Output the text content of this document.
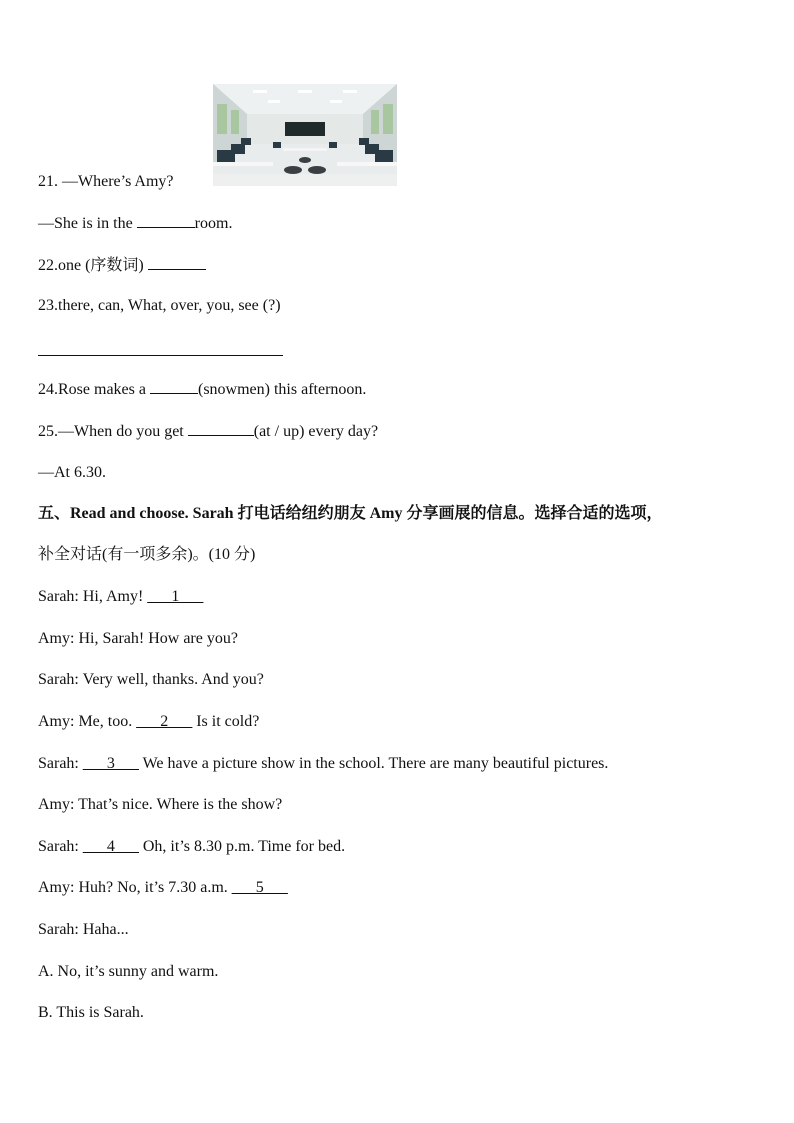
21. —Where’s Amy?
—She is in the	room.
22.one (序数词)
23.there, can, What, over, you, see (?)
24.Rose makes a	(snowmen) this afternoon.
25.—When do you get	(at / up) every day?
—At 6.30.
五、Read and choose. Sarah 打电话给纽约朋友 Amy 分享画展的信息。选择合适的选项，
补全对话(有一项多余)。(10 分)
Sarah: Hi, Amy! ___1___
Amy: Hi, Sarah! How are you?
Sarah: Very well, thanks. And you?
Amy: Me, too. ___2___ Is it cold?
Sarah: ___3___ We have a picture show in the school. There are many beautiful pictures.
Amy: That’s nice. Where is the show?
Sarah: ___4___ Oh, it’s 8.30 p.m. Time for bed.
Amy: Huh? No, it’s 7.30 a.m. ___5___
Sarah: Haha...
A. No, it’s sunny and warm.
B. This is Sarah.
